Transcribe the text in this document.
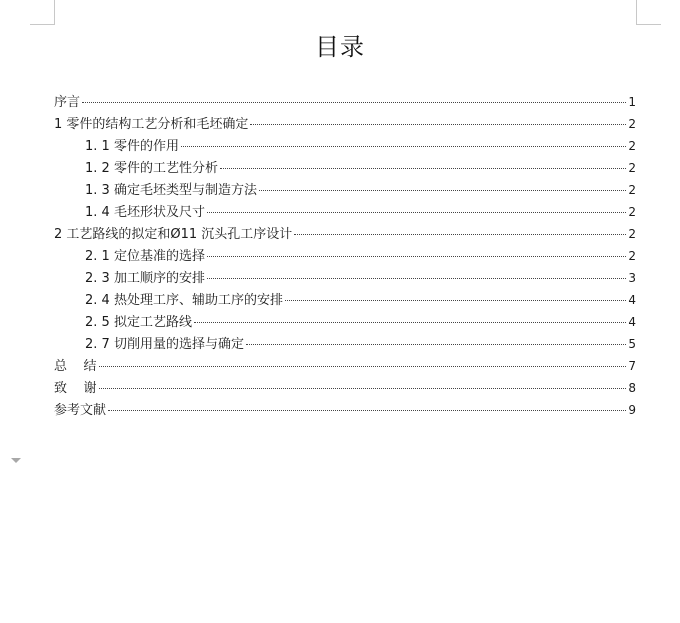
目录
序言	1
1 零件的结构工艺分析和毛坯确定	2
1. 1 零件的作用	2
1. 2 零件的工艺性分析	2
1. 3 确定毛坯类型与制造方法	2
1. 4 毛坯形状及尺寸	2
2 工艺路线的拟定和Ø11 沉头孔工序设计	2
2. 1 定位基准的选择	2
2. 3 加工顺序的安排	3
2. 4 热处理工序、辅助工序的安排	4
2. 5 拟定工艺路线	4
2. 7 切削用量的选择与确定	5
总    结	7
致    谢	8
参考文献	9
